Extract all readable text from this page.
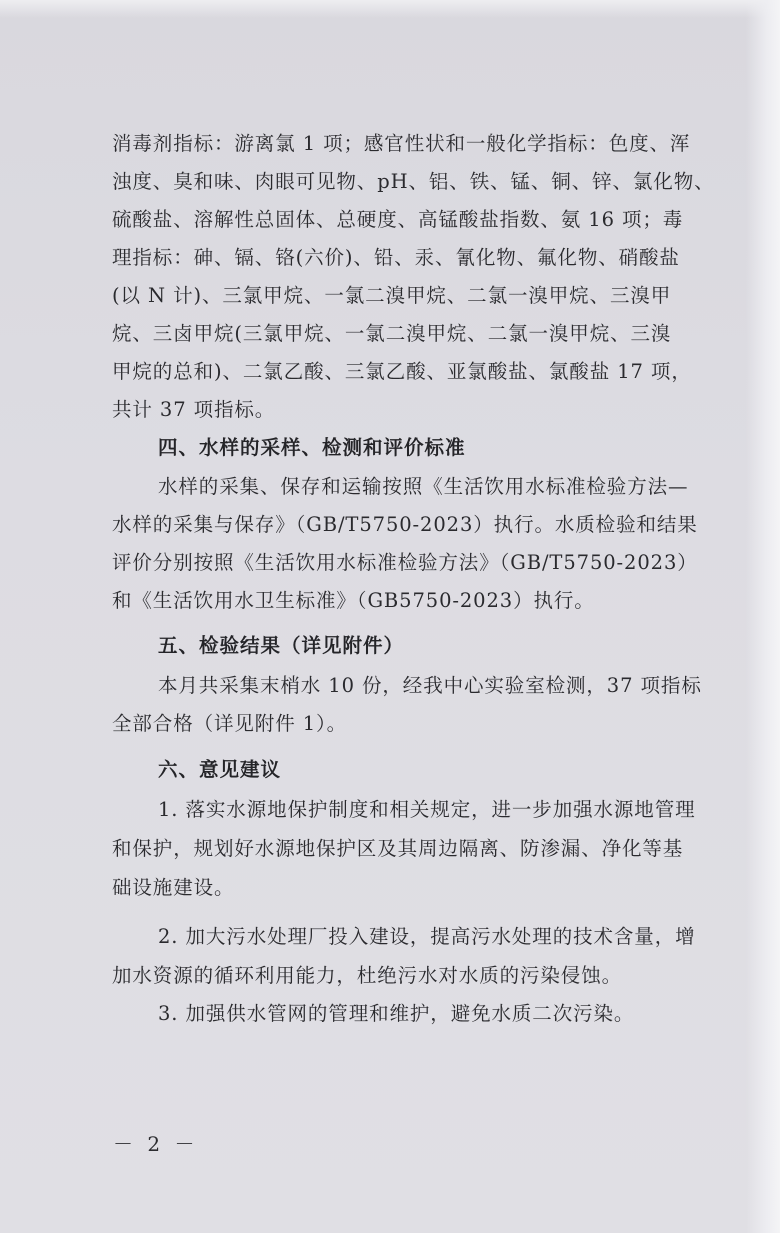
消毒剂指标：游离氯 1 项；感官性状和一般化学指标：色度、浑
浊度、臭和味、肉眼可见物、pH、铝、铁、锰、铜、锌、氯化物、
硫酸盐、溶解性总固体、总硬度、高锰酸盐指数、氨 16 项；毒
理指标：砷、镉、铬(六价)、铅、汞、氰化物、氟化物、硝酸盐
(以 N 计)、三氯甲烷、一氯二溴甲烷、二氯一溴甲烷、三溴甲
烷、三卤甲烷(三氯甲烷、一氯二溴甲烷、二氯一溴甲烷、三溴
甲烷的总和)、二氯乙酸、三氯乙酸、亚氯酸盐、氯酸盐 17 项，
共计 37 项指标。
四、水样的采样、检测和评价标准
水样的采集、保存和运输按照《生活饮用水标准检验方法—
水样的采集与保存》（GB/T5750-2023）执行。水质检验和结果
评价分别按照《生活饮用水标准检验方法》（GB/T5750-2023）
和《生活饮用水卫生标准》（GB5750-2023）执行。
五、检验结果（详见附件）
本月共采集末梢水 10 份，经我中心实验室检测，37 项指标
全部合格（详见附件 1）。
六、意见建议
1. 落实水源地保护制度和相关规定，进一步加强水源地管理
和保护，规划好水源地保护区及其周边隔离、防渗漏、净化等基
础设施建设。
2. 加大污水处理厂投入建设，提高污水处理的技术含量，增
加水资源的循环利用能力，杜绝污水对水质的污染侵蚀。
3. 加强供水管网的管理和维护，避免水质二次污染。
－ 2 －
